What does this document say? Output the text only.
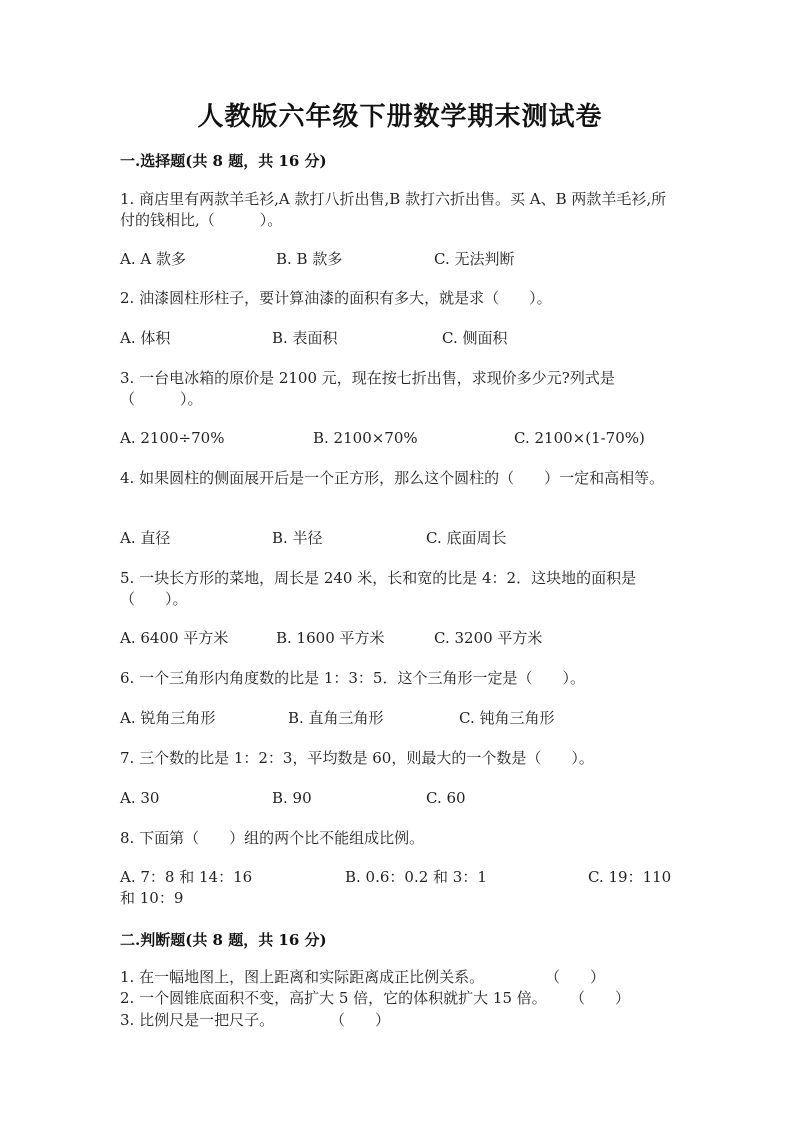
人教版六年级下册数学期末测试卷

一.选择题(共 8 题，共 16 分)

1. 商店里有两款羊毛衫,A 款打八折出售,B 款打六折出售。买 A、B 两款羊毛衫,所付的钱相比,（　　　）。

A. A 款多	B. B 款多	C. 无法判断

2. 油漆圆柱形柱子，要计算油漆的面积有多大，就是求（　　）。

A. 体积	B. 表面积	C. 侧面积

3. 一台电冰箱的原价是 2100 元，现在按七折出售，求现价多少元?列式是（　　　）。

A. 2100÷70%	B. 2100×70%	C. 2100×(1-70%)

4. 如果圆柱的侧面展开后是一个正方形，那么这个圆柱的（　　）一定和高相等。

A. 直径	B. 半径	C. 底面周长

5. 一块长方形的菜地，周长是 240 米，长和宽的比是 4：2．这块地的面积是（　　）。

A. 6400 平方米	B. 1600 平方米	C. 3200 平方米

6. 一个三角形内角度数的比是 1：3：5．这个三角形一定是（　　）。

A. 锐角三角形	B. 直角三角形	C. 钝角三角形

7. 三个数的比是 1：2：3，平均数是 60，则最大的一个数是（　　）。

A. 30	B. 90	C. 60

8. 下面第（　　）组的两个比不能组成比例。

A. 7：8 和 14：16	B. 0.6：0.2 和 3：1	C. 19：110
和 10：9

二.判断题(共 8 题，共 16 分)

1. 在一幅地图上，图上距离和实际距离成正比例关系。	（　　）

2. 一个圆锥底面积不变，高扩大 5 倍，它的体积就扩大 15 倍。 （　　）

3. 比例尺是一把尺子。	（　　）
